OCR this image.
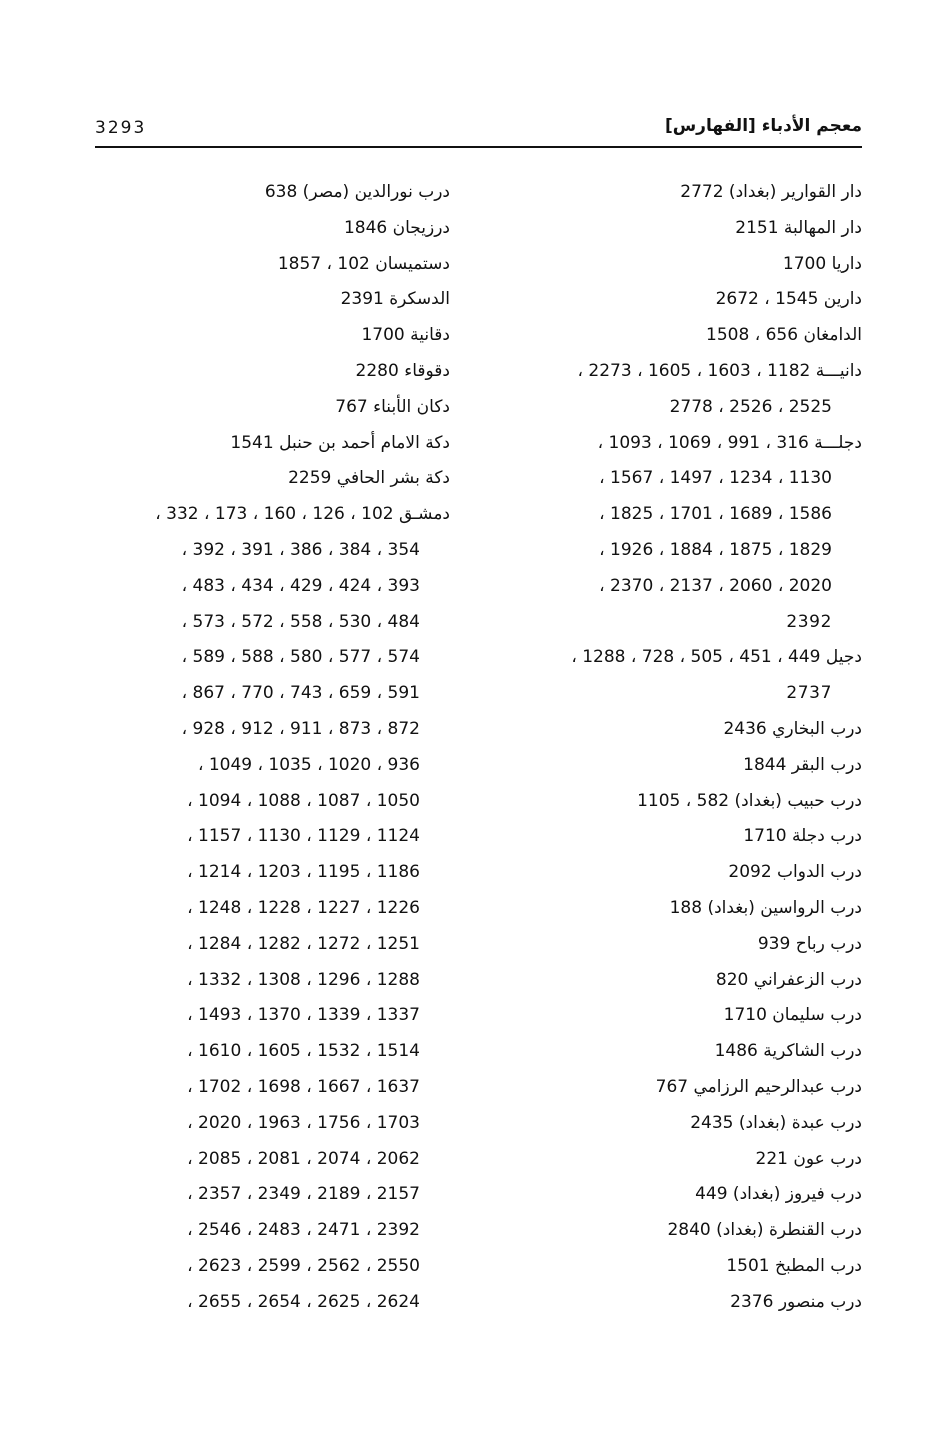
3293	معجم الأدباء [الفهارس]
دار القوارير (بغداد) 2772
دار المهالبة 2151
داريا 1700
دارين 1545 ، 2672
الدامغان 656 ، 1508
دانيـــة 1182 ، 1603 ، 1605 ، 2273 ،
2525 ، 2526 ، 2778
دجلـــة 316 ، 991 ، 1069 ، 1093 ،
1130 ، 1234 ، 1497 ، 1567 ،
1586 ، 1689 ، 1701 ، 1825 ،
1829 ، 1875 ، 1884 ، 1926 ،
2020 ، 2060 ، 2137 ، 2370 ،
2392
دجيل 449 ، 451 ، 505 ، 728 ، 1288 ،
2737
درب البخاري 2436
درب البقر 1844
درب حبيب (بغداد) 582 ، 1105
درب دجلة 1710
درب الدواب 2092
درب الرواسين (بغداد) 188
درب رباح 939
درب الزعفراني 820
درب سليمان 1710
درب الشاكرية 1486
درب عبدالرحيم الرزامي 767
درب عبدة (بغداد) 2435
درب عون 221
درب فيروز (بغداد) 449
درب القنطرة (بغداد) 2840
درب المطبخ 1501
درب منصور 2376
درب نورالدين (مصر) 638
درزيجان 1846
دستميسان 102 ، 1857
الدسكرة 2391
دقانية 1700
دقوقاء 2280
دكان الأبناء 767
دكة الامام أحمد بن حنبل 1541
دكة بشر الحافي 2259
دمشـق 102 ، 126 ، 160 ، 173 ، 332 ،
354 ، 384 ، 386 ، 391 ، 392 ،
393 ، 424 ، 429 ، 434 ، 483 ،
484 ، 530 ، 558 ، 572 ، 573 ،
574 ، 577 ، 580 ، 588 ، 589 ،
591 ، 659 ، 743 ، 770 ، 867 ،
872 ، 873 ، 911 ، 912 ، 928 ،
936 ، 1020 ، 1035 ، 1049 ،
1050 ، 1087 ، 1088 ، 1094 ،
1124 ، 1129 ، 1130 ، 1157 ،
1186 ، 1195 ، 1203 ، 1214 ،
1226 ، 1227 ، 1228 ، 1248 ،
1251 ، 1272 ، 1282 ، 1284 ،
1288 ، 1296 ، 1308 ، 1332 ،
1337 ، 1339 ، 1370 ، 1493 ،
1514 ، 1532 ، 1605 ، 1610 ،
1637 ، 1667 ، 1698 ، 1702 ،
1703 ، 1756 ، 1963 ، 2020 ،
2062 ، 2074 ، 2081 ، 2085 ،
2157 ، 2189 ، 2349 ، 2357 ،
2392 ، 2471 ، 2483 ، 2546 ،
2550 ، 2562 ، 2599 ، 2623 ،
2624 ، 2625 ، 2654 ، 2655 ،
